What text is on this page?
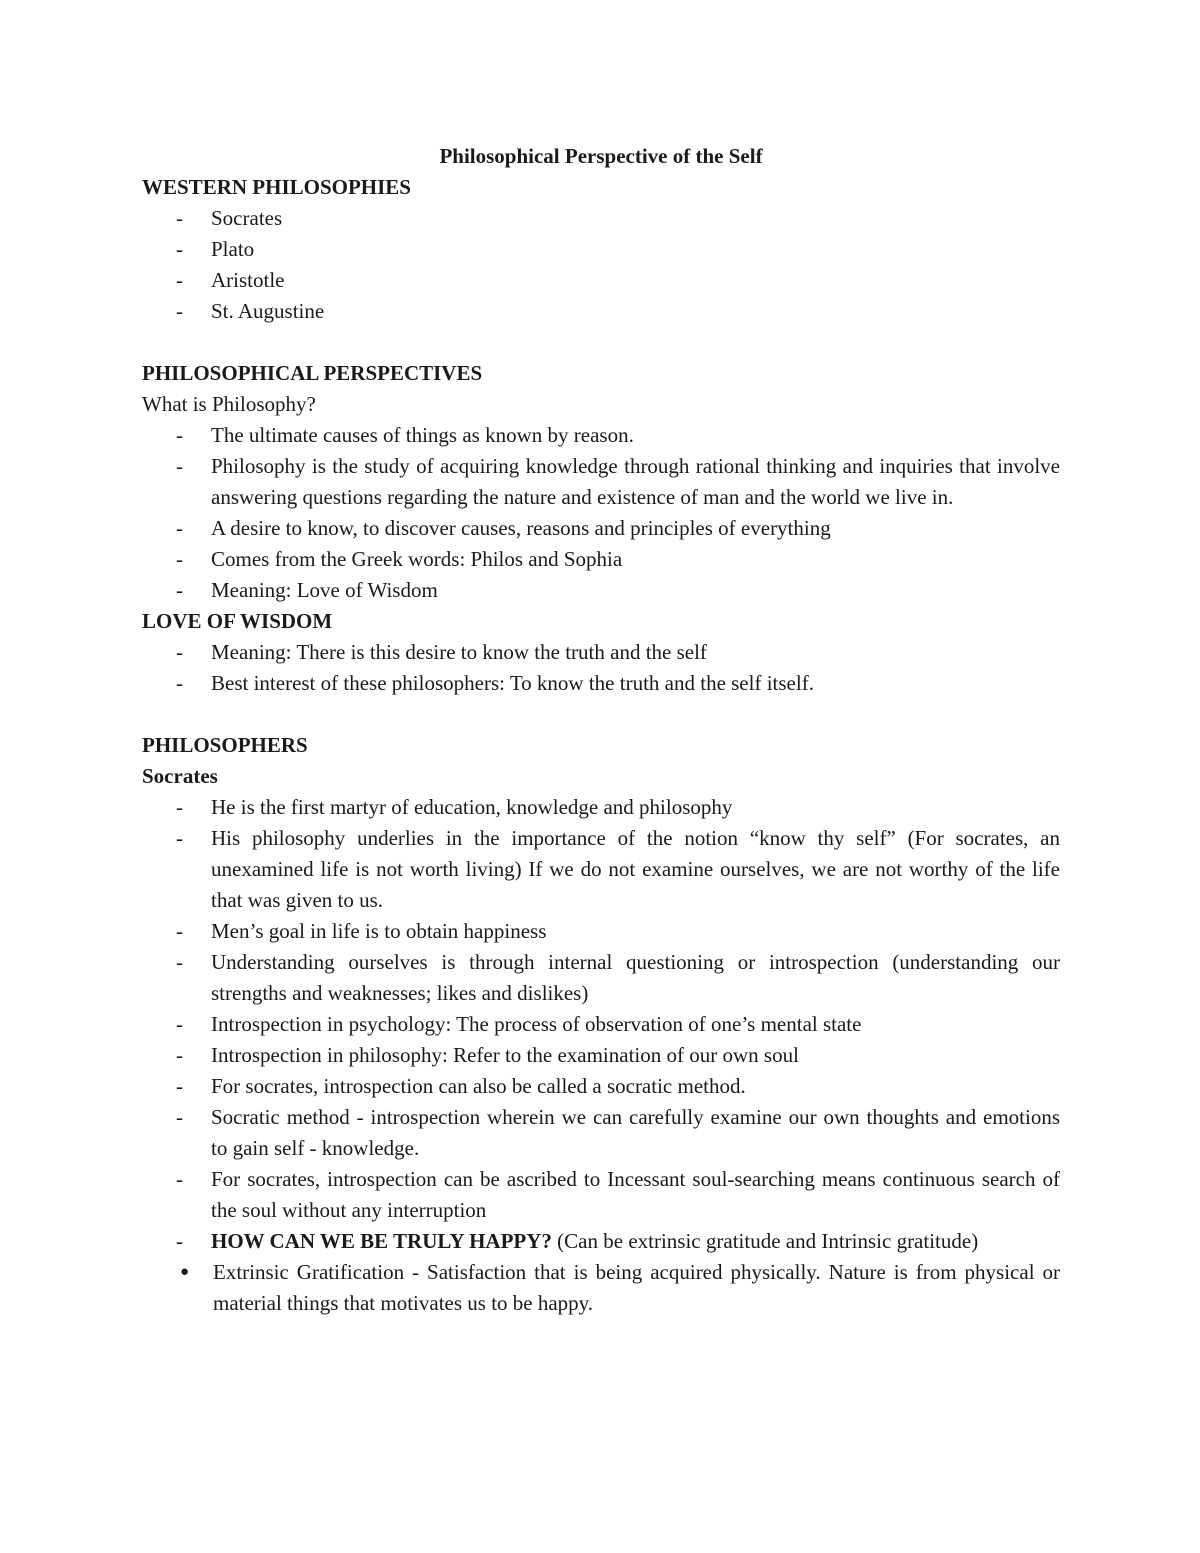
Philosophical Perspective of the Self

WESTERN PHILOSOPHIES

- Socrates
- Plato
- Aristotle
- St. Augustine

PHILOSOPHICAL PERSPECTIVES

What is Philosophy?

- The ultimate causes of things as known by reason.
- Philosophy is the study of acquiring knowledge through rational thinking and inquiries that involve answering questions regarding the nature and existence of man and the world we live in.
- A desire to know, to discover causes, reasons and principles of everything
- Comes from the Greek words: Philos and Sophia
- Meaning: Love of Wisdom

LOVE OF WISDOM

- Meaning: There is this desire to know the truth and the self
- Best interest of these philosophers: To know the truth and the self itself.

PHILOSOPHERS

Socrates

- He is the first martyr of education, knowledge and philosophy
- His philosophy underlies in the importance of the notion “know thy self” (For socrates, an unexamined life is not worth living) If we do not examine ourselves, we are not worthy of the life that was given to us.
- Men’s goal in life is to obtain happiness
- Understanding ourselves is through internal questioning or introspection (understanding our strengths and weaknesses; likes and dislikes)
- Introspection in psychology: The process of observation of one’s mental state
- Introspection in philosophy: Refer to the examination of our own soul
- For socrates, introspection can also be called a socratic method.
- Socratic method - introspection wherein we can carefully examine our own thoughts and emotions to gain self - knowledge.
- For socrates, introspection can be ascribed to Incessant soul-searching means continuous search of the soul without any interruption
- HOW CAN WE BE TRULY HAPPY? (Can be extrinsic gratitude and Intrinsic gratitude)
● Extrinsic Gratification - Satisfaction that is being acquired physically. Nature is from physical or material things that motivates us to be happy.
